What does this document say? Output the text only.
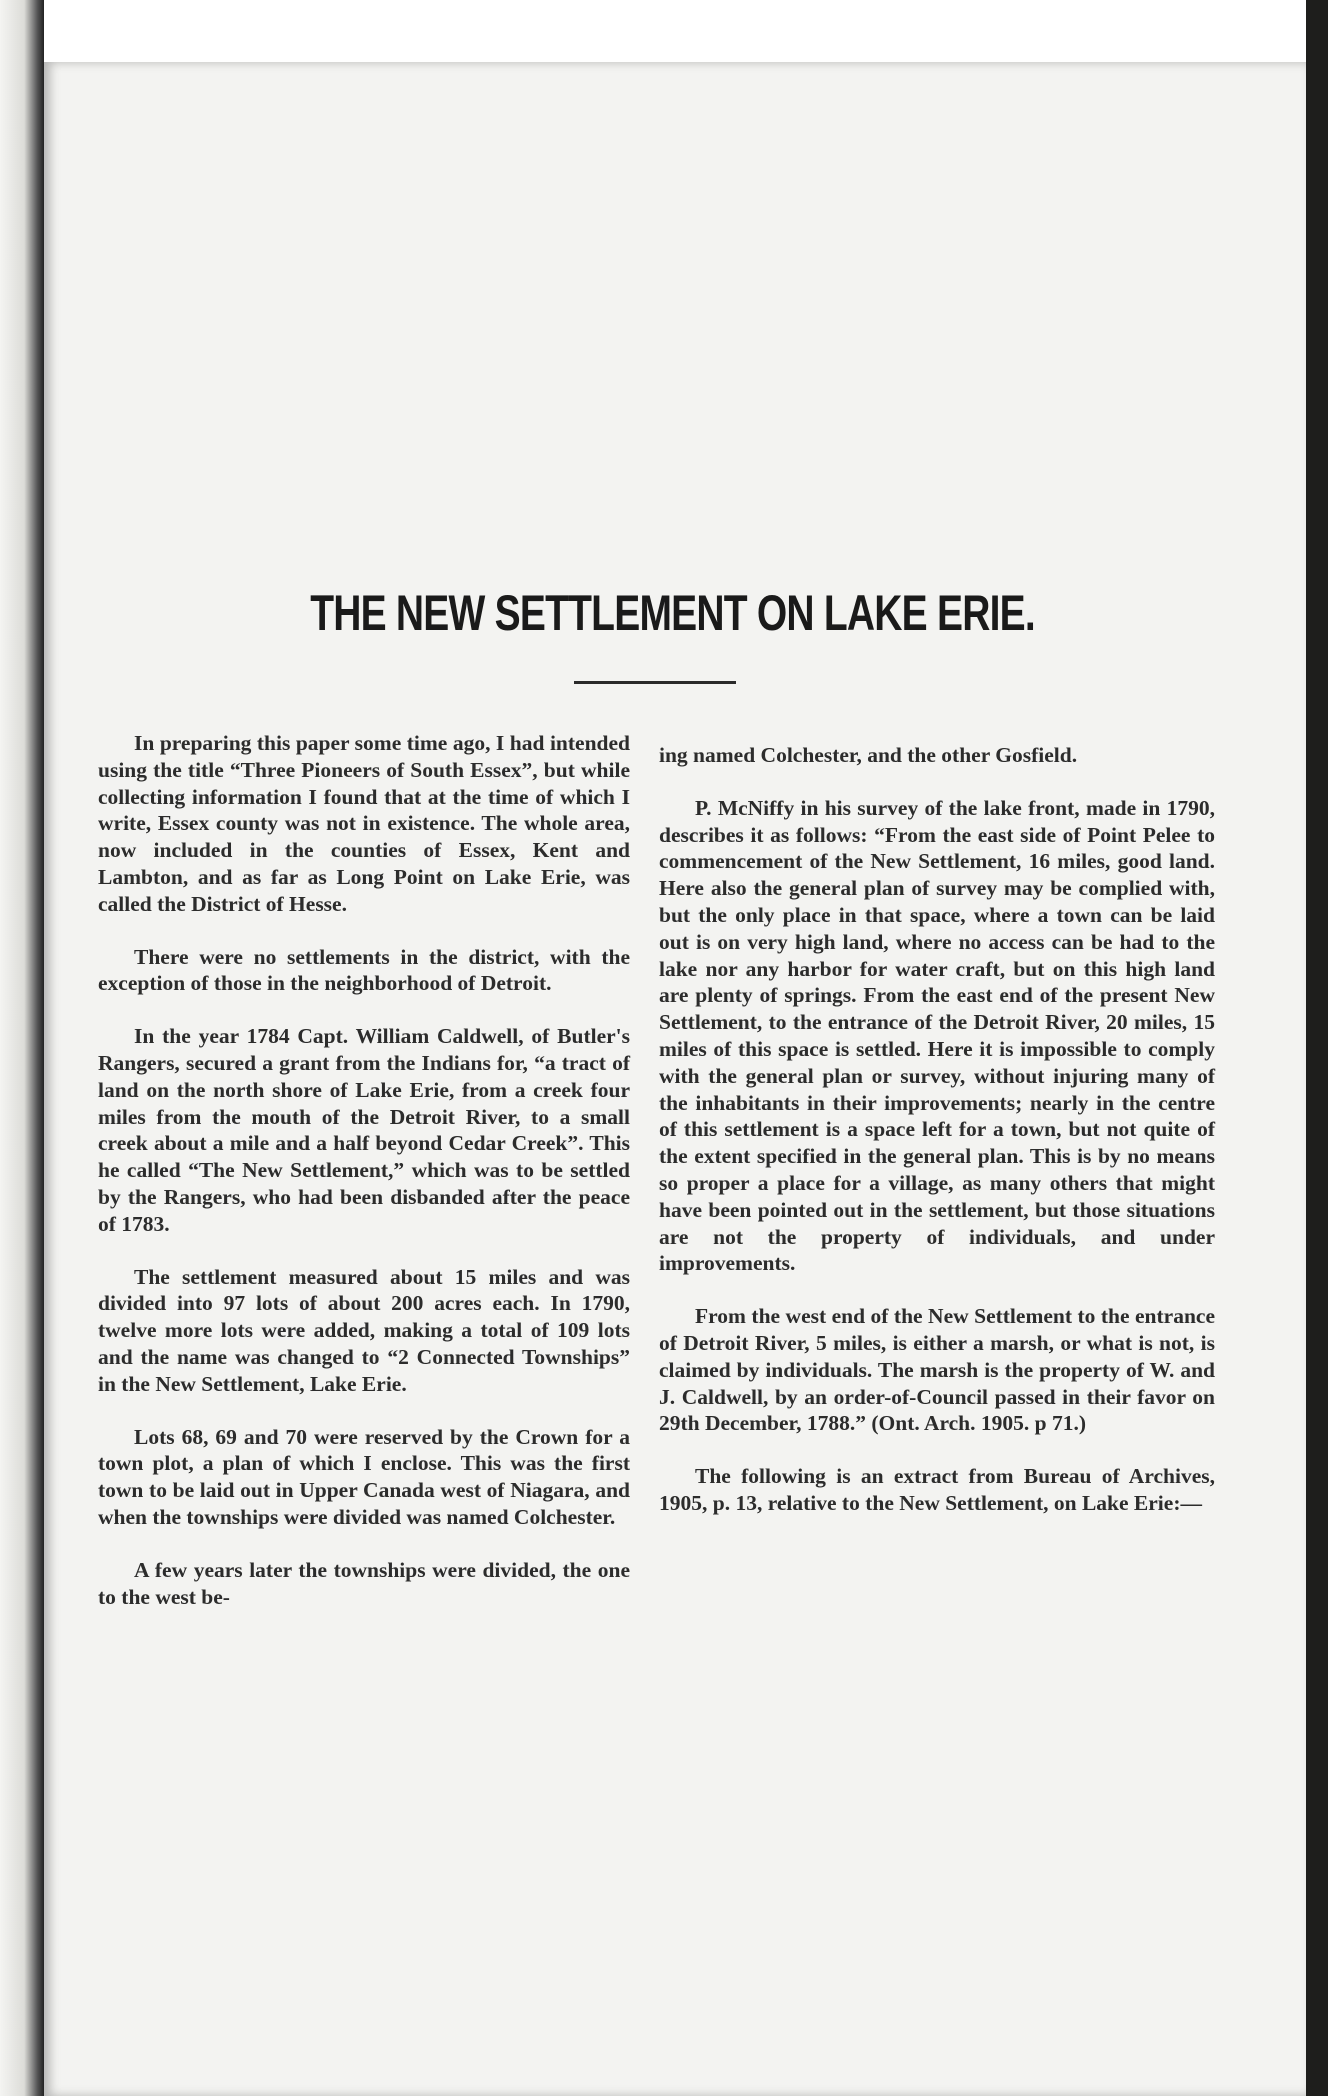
THE NEW SETTLEMENT ON LAKE ERIE.

In preparing this paper some time ago, I had intended using the title “Three Pioneers of South Essex”, but while collecting information I found that at the time of which I write, Essex county was not in existence. The whole area, now included in the counties of Essex, Kent and Lambton, and as far as Long Point on Lake Erie, was called the District of Hesse.

There were no settlements in the district, with the exception of those in the neighborhood of Detroit.

In the year 1784 Capt. William Caldwell, of Butler's Rangers, secured a grant from the Indians for, “a tract of land on the north shore of Lake Erie, from a creek four miles from the mouth of the Detroit River, to a small creek about a mile and a half beyond Cedar Creek”. This he called “The New Settlement,” which was to be settled by the Rangers, who had been disbanded after the peace of 1783.

The settlement measured about 15 miles and was divided into 97 lots of about 200 acres each. In 1790, twelve more lots were added, making a total of 109 lots and the name was changed to “2 Connected Townships” in the New Settlement, Lake Erie.

Lots 68, 69 and 70 were reserved by the Crown for a town plot, a plan of which I enclose. This was the first town to be laid out in Upper Canada west of Niagara, and when the townships were divided was named Colchester.

A few years later the townships were divided, the one to the west be-

ing named Colchester, and the other Gosfield.

P. McNiffy in his survey of the lake front, made in 1790, describes it as follows: “From the east side of Point Pelee to commencement of the New Settlement, 16 miles, good land. Here also the general plan of survey may be complied with, but the only place in that space, where a town can be laid out is on very high land, where no access can be had to the lake nor any harbor for water craft, but on this high land are plenty of springs. From the east end of the present New Settlement, to the entrance of the Detroit River, 20 miles, 15 miles of this space is settled. Here it is impossible to comply with the general plan or survey, without injuring many of the inhabitants in their improvements; nearly in the centre of this settlement is a space left for a town, but not quite of the extent specified in the general plan. This is by no means so proper a place for a village, as many others that might have been pointed out in the settlement, but those situations are not the property of individuals, and under improvements.

From the west end of the New Settlement to the entrance of Detroit River, 5 miles, is either a marsh, or what is not, is claimed by individuals. The marsh is the property of W. and J. Caldwell, by an order-of-Council passed in their favor on 29th December, 1788.” (Ont. Arch. 1905. p 71.)

The following is an extract from Bureau of Archives, 1905, p. 13, relative to the New Settlement, on Lake Erie:—
